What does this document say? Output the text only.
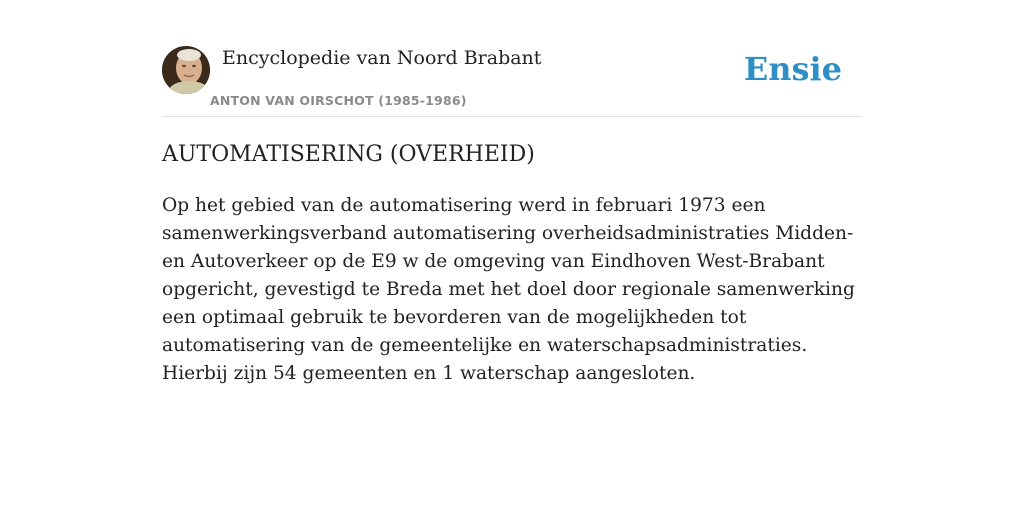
Encyclopedie van Noord Brabant
ANTON VAN OIRSCHOT (1985-1986)
Ensie
AUTOMATISERING (OVERHEID)

Op het gebied van de automatisering werd in februari 1973 een samenwerkingsverband automatisering overheidsadministraties Midden- en Autoverkeer op de E9 w de omgeving van Eindhoven West-Brabant opgericht, gevestigd te Breda met het doel door regionale samenwerking een optimaal gebruik te bevorderen van de mogelijkheden tot automatisering van de gemeentelijke en waterschapsadministraties. Hierbij zijn 54 gemeenten en 1 waterschap aangesloten.
